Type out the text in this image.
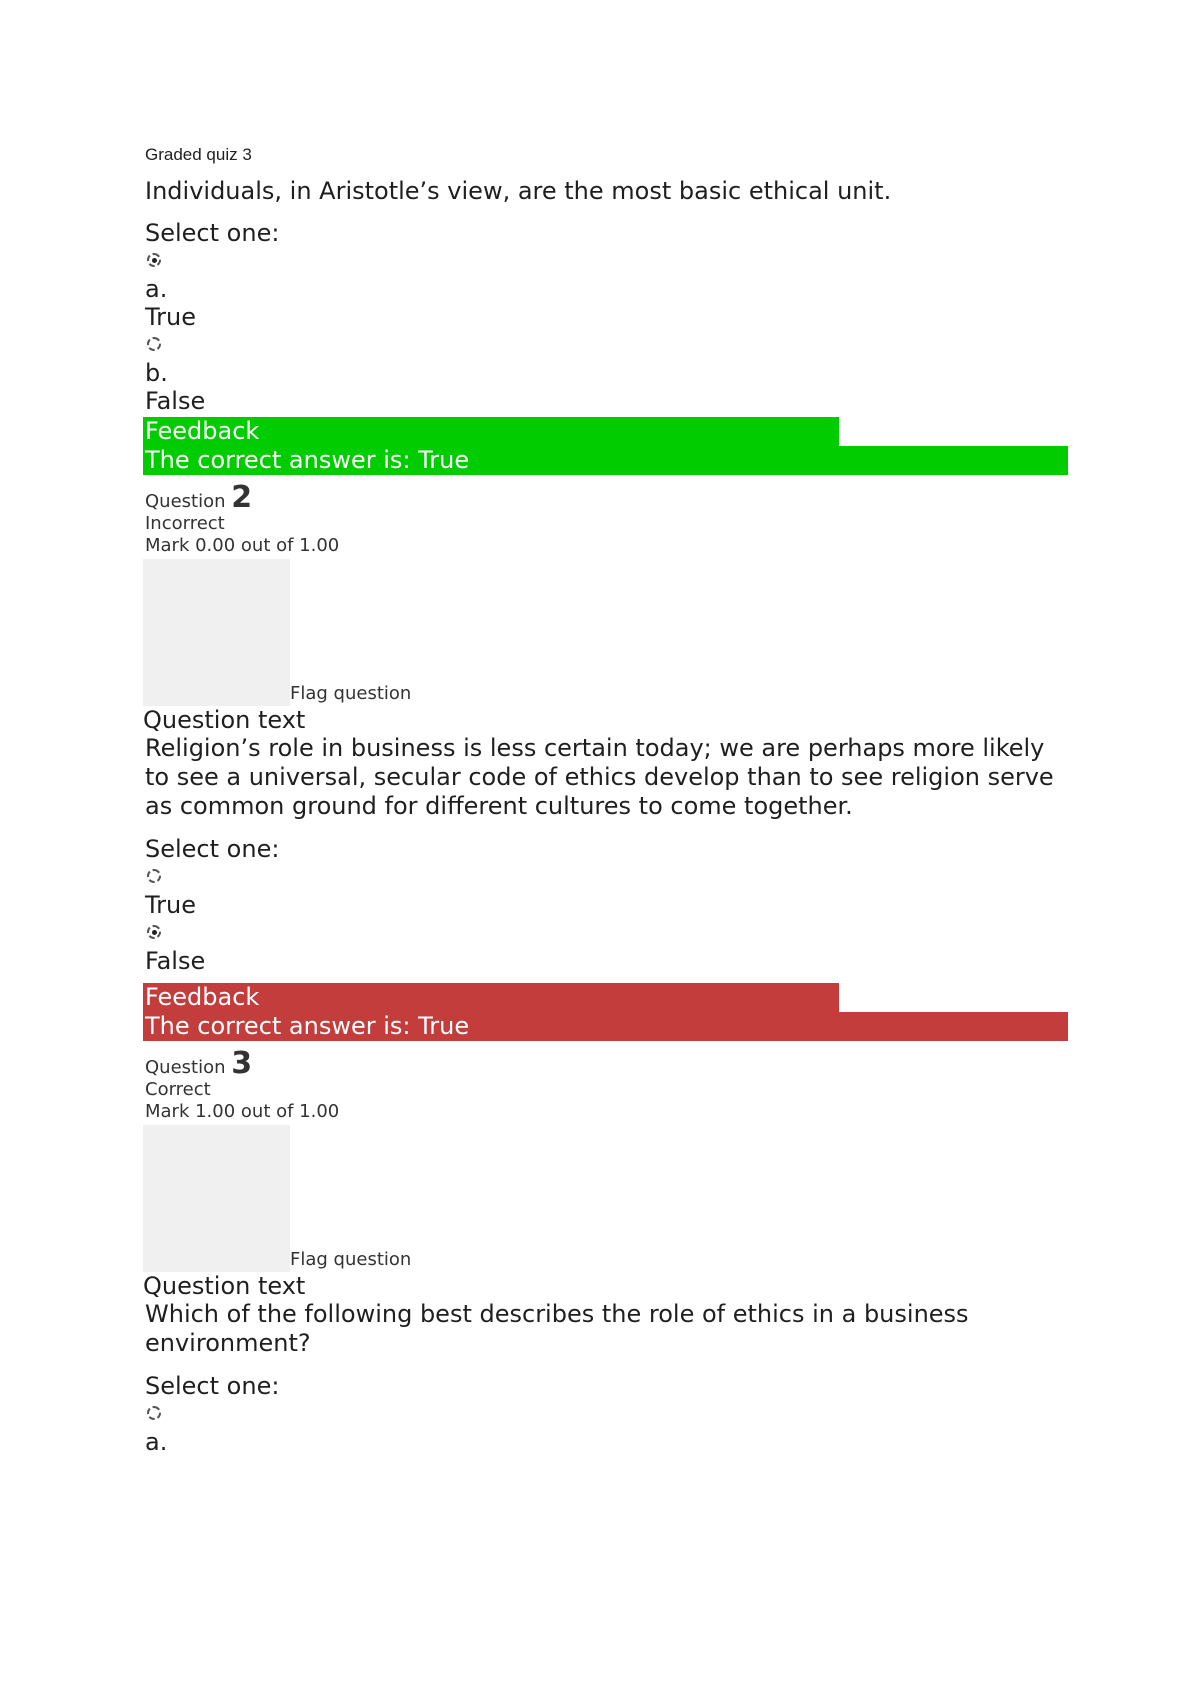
Graded quiz 3
Individuals, in Aristotle’s view, are the most basic ethical unit.
Select one:
a.
True
b.
False
Feedback
The correct answer is: True
Question 2
Incorrect
Mark 0.00 out of 1.00
Flag question
Question text
Religion’s role in business is less certain today; we are perhaps more likely to see a universal, secular code of ethics develop than to see religion serve as common ground for different cultures to come together.
Select one:
True
False
Feedback
The correct answer is: True
Question 3
Correct
Mark 1.00 out of 1.00
Flag question
Question text
Which of the following best describes the role of ethics in a business environment?
Select one:
a.
